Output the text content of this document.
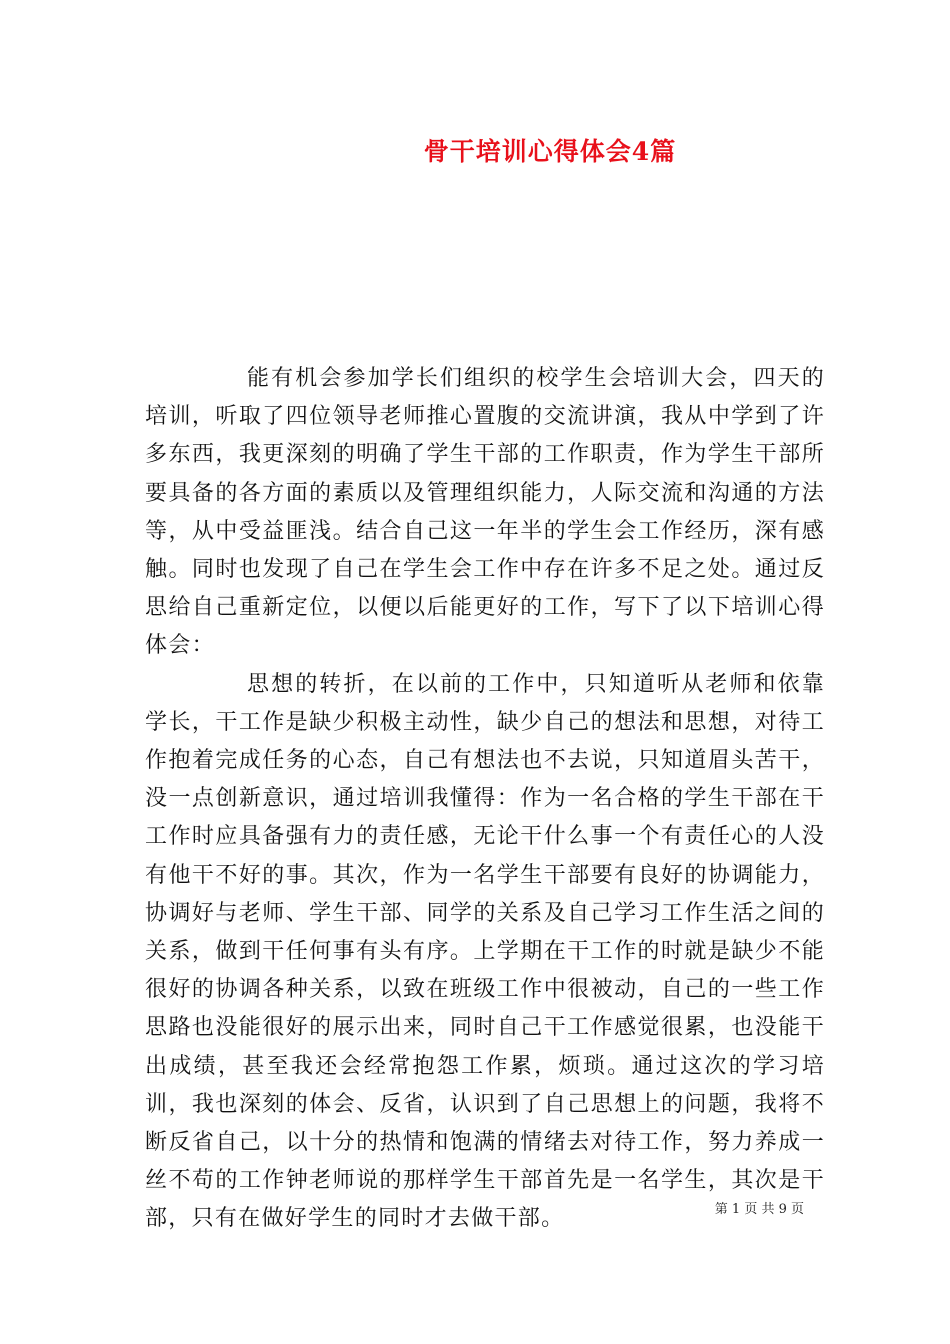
骨干培训心得体会4篇

能有机会参加学长们组织的校学生会培训大会，四天的培训，听取了四位领导老师推心置腹的交流讲演，我从中学到了许多东西，我更深刻的明确了学生干部的工作职责，作为学生干部所要具备的各方面的素质以及管理组织能力，人际交流和沟通的方法等，从中受益匪浅。结合自己这一年半的学生会工作经历，深有感触。同时也发现了自己在学生会工作中存在许多不足之处。通过反思给自己重新定位，以便以后能更好的工作，写下了以下培训心得体会：

思想的转折，在以前的工作中，只知道听从老师和依靠学长，干工作是缺少积极主动性，缺少自己的想法和思想，对待工作抱着完成任务的心态，自己有想法也不去说，只知道眉头苦干，没一点创新意识，通过培训我懂得：作为一名合格的学生干部在干工作时应具备强有力的责任感，无论干什么事一个有责任心的人没有他干不好的事。其次，作为一名学生干部要有良好的协调能力，协调好与老师、学生干部、同学的关系及自己学习工作生活之间的关系，做到干任何事有头有序。上学期在干工作的时就是缺少不能很好的协调各种关系，以致在班级工作中很被动，自己的一些工作思路也没能很好的展示出来，同时自己干工作感觉很累，也没能干出成绩，甚至我还会经常抱怨工作累，烦琐。通过这次的学习培训，我也深刻的体会、反省，认识到了自己思想上的问题，我将不断反省自己，以十分的热情和饱满的情绪去对待工作，努力养成一丝不苟的工作钟老师说的那样学生干部首先是一名学生，其次是干部，只有在做好学生的同时才去做干部。	第 1 页 共 9 页
